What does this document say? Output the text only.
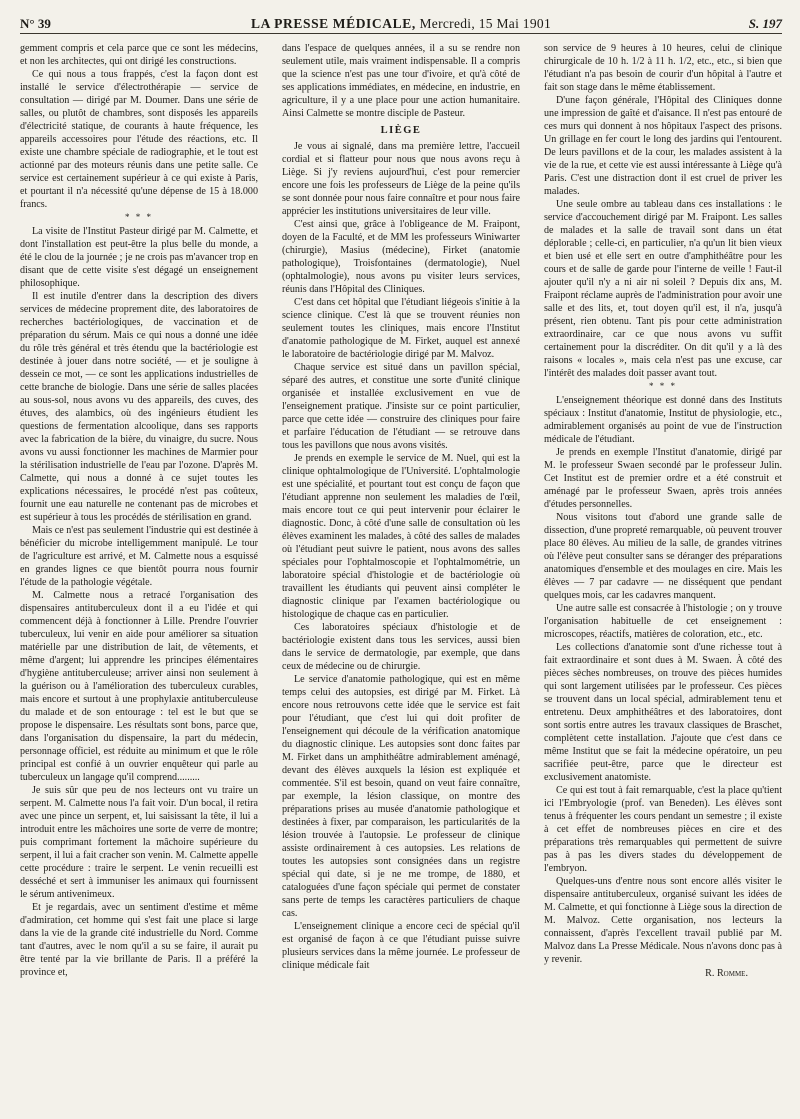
N° 39	LA PRESSE MÉDICALE, Mercredi, 15 Mai 1901	S. 197

gemment compris et cela parce que ce sont les médecins, et non les architectes, qui ont dirigé les constructions.

Ce qui nous a tous frappés, c'est la façon dont est installé le service d'électrothérapie — service de consultation — dirigé par M. Doumer. Dans une série de salles, ou plutôt de chambres, sont disposés les appareils d'électricité statique, de courants à haute fréquence, les appareils accessoires pour l'étude des réactions, etc. Il existe une chambre spéciale de radiographie, et le tout est actionné par des moteurs réunis dans une petite salle. Ce service est certainement supérieur à ce qui existe à Paris, et pourtant il n'a nécessité qu'une dépense de 15 à 18.000 francs.

* * *

La visite de l'Institut Pasteur dirigé par M. Calmette, et dont l'installation est peut-être la plus belle du monde, a été le clou de la journée ; je ne crois pas m'avancer trop en disant que de cette visite s'est dégagé un enseignement philosophique.

Il est inutile d'entrer dans la description des divers services de médecine proprement dite, des laboratoires de recherches bactériologiques, de vaccination et de préparation du sérum. Mais ce qui nous a donné une idée du rôle très général et très étendu que la bactériologie est destinée à jouer dans notre société, — et je souligne à dessein ce mot, — ce sont les applications industrielles de cette branche de biologie. Dans une série de salles placées au sous-sol, nous avons vu des appareils, des cuves, des étuves, des alambics, où des ingénieurs étudient les questions de fermentation alcoolique, dans ses rapports avec la fabrication de la bière, du vinaigre, du sucre. Nous avons vu aussi fonctionner les machines de Marmier pour la stérilisation industrielle de l'eau par l'ozone. D'après M. Calmette, qui nous a donné à ce sujet toutes les explications nécessaires, le procédé n'est pas coûteux, fournit une eau naturelle ne contenant pas de microbes et est supérieur à tous les procédés de stérilisation en grand.

Mais ce n'est pas seulement l'industrie qui est destinée à bénéficier du microbe intelligemment manipulé. Le tour de l'agriculture est arrivé, et M. Calmette nous a esquissé en grandes lignes ce que bientôt pourra nous fournir l'étude de la pathologie végétale.

M. Calmette nous a retracé l'organisation des dispensaires antituberculeux dont il a eu l'idée et qui commencent déjà à fonctionner à Lille. Prendre l'ouvrier tuberculeux, lui venir en aide pour améliorer sa situation matérielle par une distribution de lait, de vêtements, et même d'argent; lui apprendre les principes élémentaires d'hygiène antituberculeuse; arriver ainsi non seulement à la guérison ou à l'amélioration des tuberculeux curables, mais encore et surtout à une prophylaxie antituberculeuse du malade et de son entourage : tel est le but que se propose le dispensaire. Les résultats sont bons, parce que, dans l'organisation du dispensaire, la part du médecin, personnage officiel, est réduite au minimum et que le rôle principal est confié à un ouvrier enquêteur qui parle au tuberculeux un langage qu'il comprend.........

Je suis sûr que peu de nos lecteurs ont vu traire un serpent. M. Calmette nous l'a fait voir. D'un bocal, il retira avec une pince un serpent, et, lui saisissant la tête, il lui a introduit entre les mâchoires une sorte de verre de montre; puis comprimant fortement la mâchoire supérieure du serpent, il lui a fait cracher son venin. M. Calmette appelle cette procédure : traire le serpent. Le venin recueilli est desséché et sert à immuniser les animaux qui fournissent le sérum antivenimeux.

Et je regardais, avec un sentiment d'estime et même d'admiration, cet homme qui s'est fait une place si large dans la vie de la grande cité industrielle du Nord. Comme tant d'autres, avec le nom qu'il a su se faire, il aurait pu être tenté par la vie brillante de Paris. Il a préféré la province et,

dans l'espace de quelques années, il a su se rendre non seulement utile, mais vraiment indispensable. Il a compris que la science n'est pas une tour d'ivoire, et qu'à côté de ses applications immédiates, en médecine, en industrie, en agriculture, il y a une place pour une action humanitaire. Ainsi Calmette se montre disciple de Pasteur.

LIÈGE

Je vous ai signalé, dans ma première lettre, l'accueil cordial et si flatteur pour nous que nous avons reçu à Liège. Si j'y reviens aujourd'hui, c'est pour remercier encore une fois les professeurs de Liège de la peine qu'ils se sont donnée pour nous faire connaître et pour nous faire apprécier les institutions universitaires de leur ville.

C'est ainsi que, grâce à l'obligeance de M. Fraipont, doyen de la Faculté, et de MM les professeurs Winiwarter (chirurgie), Masius (médecine), Firket (anatomie pathologique), Troisfontaines (dermatologie), Nuel (ophtalmologie), nous avons pu visiter leurs services, réunis dans l'Hôpital des Cliniques.

C'est dans cet hôpital que l'étudiant liégeois s'initie à la science clinique. C'est là que se trouvent réunies non seulement toutes les cliniques, mais encore l'Institut d'anatomie pathologique de M. Firket, auquel est annexé le laboratoire de bactériologie dirigé par M. Malvoz.

Chaque service est situé dans un pavillon spécial, séparé des autres, et constitue une sorte d'unité clinique organisée et installée exclusivement en vue de l'enseignement pratique. J'insiste sur ce point particulier, parce que cette idée — construire des cliniques pour faire et parfaire l'éducation de l'étudiant — se retrouve dans tous les pavillons que nous avons visités.

Je prends en exemple le service de M. Nuel, qui est la clinique ophtalmologique de l'Université. L'ophtalmologie est une spécialité, et pourtant tout est conçu de façon que l'étudiant apprenne non seulement les maladies de l'œil, mais encore tout ce qui peut intervenir pour éclairer le diagnostic. Donc, à côté d'une salle de consultation où les élèves examinent les malades, à côté des salles de malades où l'étudiant peut suivre le patient, nous avons des salles spéciales pour l'ophtalmoscopie et l'ophtalmométrie, un laboratoire spécial d'histologie et de bactériologie où travaillent les étudiants qui peuvent ainsi compléter le diagnostic clinique par l'examen bactériologique ou histologique de chaque cas en particulier.

Ces laboratoires spéciaux d'histologie et de bactériologie existent dans tous les services, aussi bien dans le service de dermatologie, par exemple, que dans ceux de médecine ou de chirurgie.

Le service d'anatomie pathologique, qui est en même temps celui des autopsies, est dirigé par M. Firket. Là encore nous retrouvons cette idée que le service est fait pour l'étudiant, que c'est lui qui doit profiter de l'enseignement qui découle de la vérification anatomique du diagnostic clinique. Les autopsies sont donc faites par M. Firket dans un amphithéâtre admirablement aménagé, devant des élèves auxquels la lésion est expliquée et commentée. S'il est besoin, quand on veut faire connaître, par exemple, la lésion classique, on montre des préparations prises au musée d'anatomie pathologique et destinées à fixer, par comparaison, les particularités de la lésion trouvée à l'autopsie. Le professeur de clinique assiste ordinairement à ces autopsies. Les relations de toutes les autopsies sont consignées dans un registre spécial qui date, si je ne me trompe, de 1880, et cataloguées d'une façon spéciale qui permet de constater sans perte de temps les caractères particuliers de chaque cas.

L'enseignement clinique a encore ceci de spécial qu'il est organisé de façon à ce que l'étudiant puisse suivre plusieurs services dans la même journée. Le professeur de clinique médicale fait

son service de 9 heures à 10 heures, celui de clinique chirurgicale de 10 h. 1/2 à 11 h. 1/2, etc., etc., si bien que l'étudiant n'a pas besoin de courir d'un hôpital à l'autre et fait son stage dans le même établissement.

D'une façon générale, l'Hôpital des Cliniques donne une impression de gaîté et d'aisance. Il n'est pas entouré de ces murs qui donnent à nos hôpitaux l'aspect des prisons. Un grillage en fer court le long des jardins qui l'entourent. De leurs pavillons et de la cour, les malades assistent à la vie de la rue, et cette vie est aussi intéressante à Liège qu'à Paris. C'est une distraction dont il est cruel de priver les malades.

Une seule ombre au tableau dans ces installations : le service d'accouchement dirigé par M. Fraipont. Les salles de malades et la salle de travail sont dans un état déplorable ; celle-ci, en particulier, n'a qu'un lit bien vieux et bien usé et elle sert en outre d'amphithéâtre pour les cours et de salle de garde pour l'interne de veille ! Faut-il ajouter qu'il n'y a ni air ni soleil ? Depuis dix ans, M. Fraipont réclame auprès de l'administration pour avoir une salle et des lits, et, tout doyen qu'il est, il n'a, jusqu'à présent, rien obtenu. Tant pis pour cette administration extraordinaire, car ce que nous avons vu suffit certainement pour la discréditer. On dit qu'il y a là des raisons « locales », mais cela n'est pas une excuse, car l'intérêt des malades doit passer avant tout.

* * *

L'enseignement théorique est donné dans des Instituts spéciaux : Institut d'anatomie, Institut de physiologie, etc., admirablement organisés au point de vue de l'instruction médicale de l'étudiant.

Je prends en exemple l'Institut d'anatomie, dirigé par M. le professeur Swaen secondé par le professeur Julin. Cet Institut est de premier ordre et a été construit et aménagé par le professeur Swaen, après trois années d'études personnelles.

Nous visitons tout d'abord une grande salle de dissection, d'une propreté remarquable, où peuvent trouver place 80 élèves. Au milieu de la salle, de grandes vitrines où l'élève peut consulter sans se déranger des préparations anatomiques d'ensemble et des moulages en cire. Mais les élèves — 7 par cadavre — ne disséquent que pendant quelques mois, car les cadavres manquent.

Une autre salle est consacrée à l'histologie ; on y trouve l'organisation habituelle de cet enseignement : microscopes, réactifs, matières de coloration, etc., etc.

Les collections d'anatomie sont d'une richesse tout à fait extraordinaire et sont dues à M. Swaen. À côté des pièces sèches nombreuses, on trouve des pièces humides qui sont largement utilisées par le professeur. Ces pièces se trouvent dans un local spécial, admirablement tenu et entretenu. Deux amphithéâtres et des laboratoires, dont sont sortis entre autres les travaux classiques de Braschet, complètent cette installation. J'ajoute que c'est dans ce même Institut que se fait la médecine opératoire, un peu sacrifiée peut-être, parce que le directeur est exclusivement anatomiste.

Ce qui est tout à fait remarquable, c'est la place qu'tient ici l'Embryologie (prof. van Beneden). Les élèves sont tenus à fréquenter les cours pendant un semestre ; il existe à cet effet de nombreuses pièces en cire et des préparations très remarquables qui permettent de suivre pas à pas les divers stades du développement de l'embryon.

Quelques-uns d'entre nous sont encore allés visiter le dispensaire antituberculeux, organisé suivant les idées de M. Calmette, et qui fonctionne à Liège sous la direction de M. Malvoz. Cette organisation, nos lecteurs la connaissent, d'après l'excellent travail publié par M. Malvoz dans La Presse Médicale. Nous n'avons donc pas à y revenir.

R. Romme.
